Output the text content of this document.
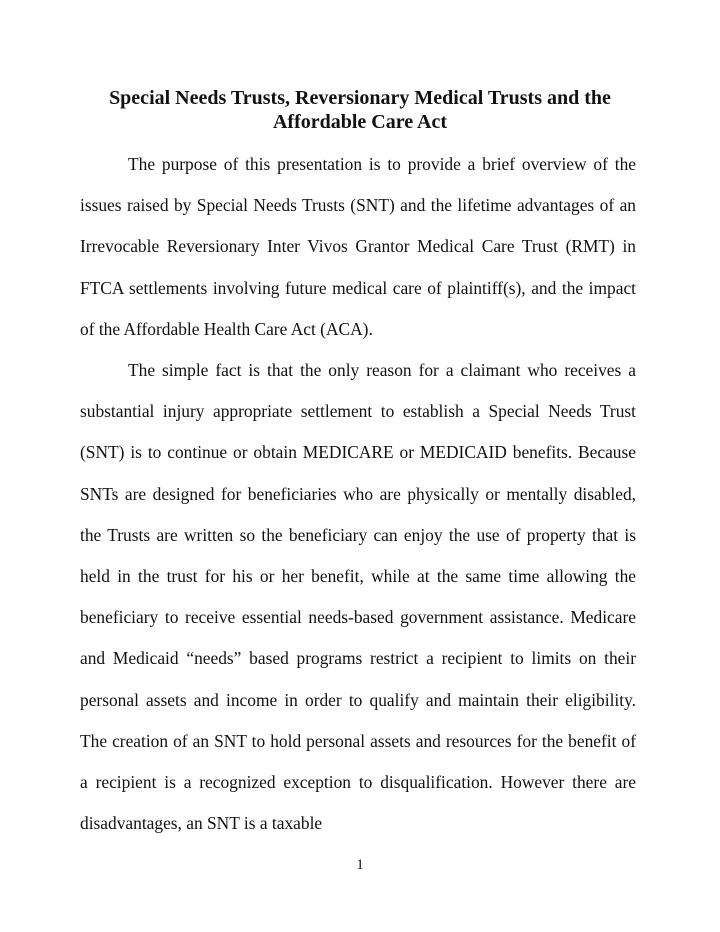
Special Needs Trusts, Reversionary Medical Trusts and the Affordable Care Act

The purpose of this presentation is to provide a brief overview of the issues raised by Special Needs Trusts (SNT) and the lifetime advantages of an Irrevocable Reversionary Inter Vivos Grantor Medical Care Trust (RMT) in FTCA settlements involving future medical care of plaintiff(s), and the impact of the Affordable Health Care Act (ACA).

The simple fact is that the only reason for a claimant who receives a substantial injury appropriate settlement to establish a Special Needs Trust (SNT) is to continue or obtain MEDICARE or MEDICAID benefits. Because SNTs are designed for beneficiaries who are physically or mentally disabled, the Trusts are written so the beneficiary can enjoy the use of property that is held in the trust for his or her benefit, while at the same time allowing the beneficiary to receive essential needs-based government assistance. Medicare and Medicaid “needs” based programs restrict a recipient to limits on their personal assets and income in order to qualify and maintain their eligibility. The creation of an SNT to hold personal assets and resources for the benefit of a recipient is a recognized exception to disqualification. However there are disadvantages, an SNT is a taxable

1
